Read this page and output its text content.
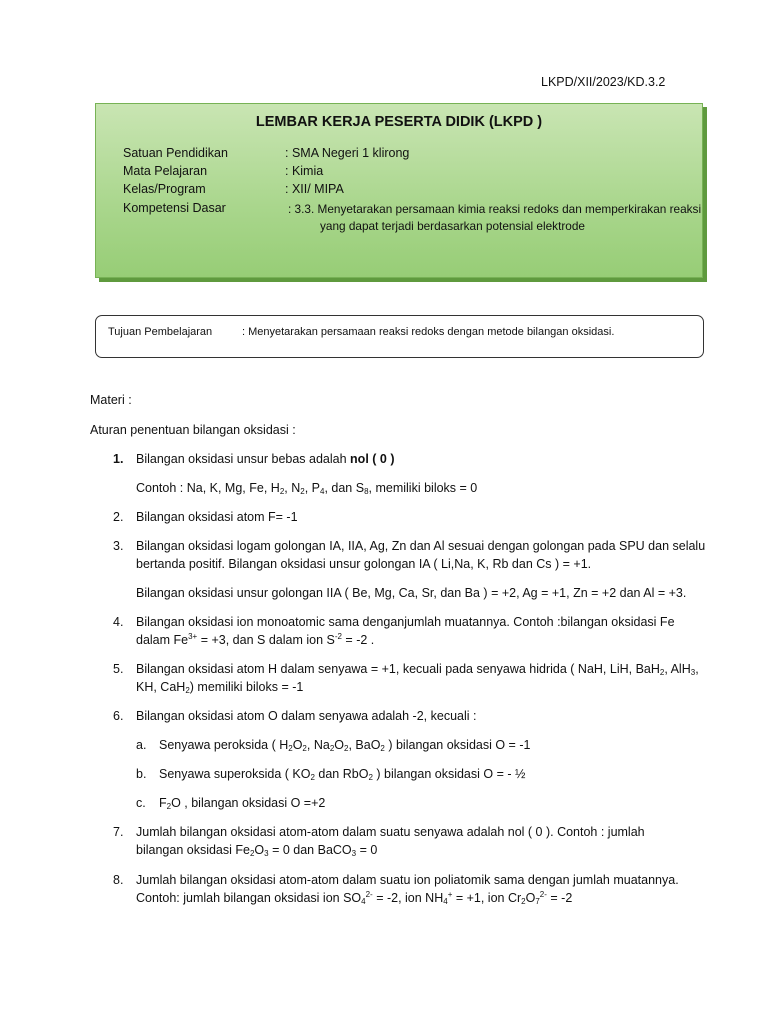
LKPD/XII/2023/KD.3.2
LEMBAR KERJA PESERTA DIDIK (LKPD )
Satuan Pendidikan	: SMA Negeri 1 klirong
Mata Pelajaran	: Kimia
Kelas/Program	: XII/ MIPA
Kompetensi Dasar	: 3.3. Menyetarakan persamaan kimia reaksi redoks dan memperkirakan reaksi
yang dapat terjadi berdasarkan potensial elektrode
Tujuan Pembelajaran	: Menyetarakan persamaan reaksi redoks dengan metode bilangan oksidasi.
Materi :
Aturan penentuan bilangan oksidasi :
1. Bilangan oksidasi unsur bebas adalah nol ( 0 )
Contoh : Na, K, Mg, Fe, $H_2$, $N_2$, $P_4$, dan $S_8$, memiliki biloks = 0
2. Bilangan oksidasi atom F= -1
3. Bilangan oksidasi logam golongan IA, IIA, Ag, Zn dan Al sesuai dengan golongan pada SPU dan selalu
bertanda positif. Bilangan oksidasi unsur golongan IA ( Li,Na, K, Rb dan Cs ) = +1.
Bilangan oksidasi unsur golongan IIA ( Be, Mg, Ca, Sr, dan Ba ) = +2, Ag = +1, Zn = +2 dan Al = +3.
4. Bilangan oksidasi ion monoatomic sama denganjumlah muatannya. Contoh :bilangan oksidasi Fe
dalam $Fe^{3+} = +3$, dan S dalam ion $S^{-2} = -2$ .
5. Bilangan oksidasi atom H dalam senyawa = +1, kecuali pada senyawa hidrida ( NaH, LiH, BaH$_2$, AlH$_3$,
KH, CaH$_2$) memiliki biloks = -1
6. Bilangan oksidasi atom O dalam senyawa adalah -2, kecuali :
a. Senyawa peroksida ( $H_2O_2$, $Na_2O_2$, BaO$_2$ ) bilangan oksidasi O = -1
b. Senyawa superoksida ( $KO_2$ dan RbO$_2$ ) bilangan oksidasi O = - ½
c. $F_2O$ , bilangan oksidasi O =+2
7. Jumlah bilangan oksidasi atom-atom dalam suatu senyawa adalah nol ( 0 ). Contoh : jumlah
bilangan oksidasi $Fe_2O_3 = 0$ dan BaCO$_3$ = 0
8. Jumlah bilangan oksidasi atom-atom dalam suatu ion poliatomik sama dengan jumlah muatannya.
Contoh: jumlah bilangan oksidasi ion $SO_4^{2-} = -2$, ion $NH_4^+ = +1$, ion $Cr_2O_7^{2-} = -2$
